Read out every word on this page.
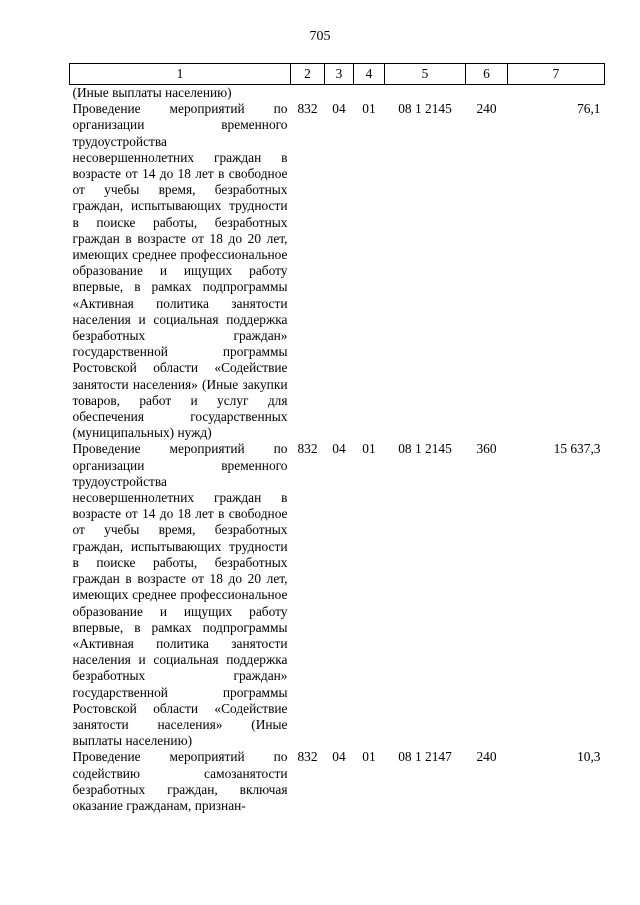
705
1	2	3	4	5	6	7
(Иные выплаты населению)						
Проведение мероприятий по организации временного трудоустройства несовершеннолетних граждан в возрасте от 14 до 18 лет в свободное от учебы время, безработных граждан, испытывающих трудности в поиске работы, безработных граждан в возрасте от 18 до 20 лет, имеющих среднее профессиональное образование и ищущих работу впервые, в рамках подпрограммы «Активная политика занятости населения и социальная поддержка безработных граждан» государственной программы Ростовской области «Содействие занятости населения» (Иные закупки товаров, работ и услуг для обеспечения государственных (муниципальных) нужд)	832	04	01	08 1 2145	240	76,1
Проведение мероприятий по организации временного трудоустройства несовершеннолетних граждан в возрасте от 14 до 18 лет в свободное от учебы время, безработных граждан, испытывающих трудности в поиске работы, безработных граждан в возрасте от 18 до 20 лет, имеющих среднее профессиональное образование и ищущих работу впервые, в рамках подпрограммы «Активная политика занятости населения и социальная поддержка безработных граждан» государственной программы Ростовской области «Содействие занятости населения» (Иные выплаты населению)	832	04	01	08 1 2145	360	15 637,3
Проведение мероприятий по содействию самозанятости безработных граждан, включая оказание гражданам, признан-	832	04	01	08 1 2147	240	10,3
